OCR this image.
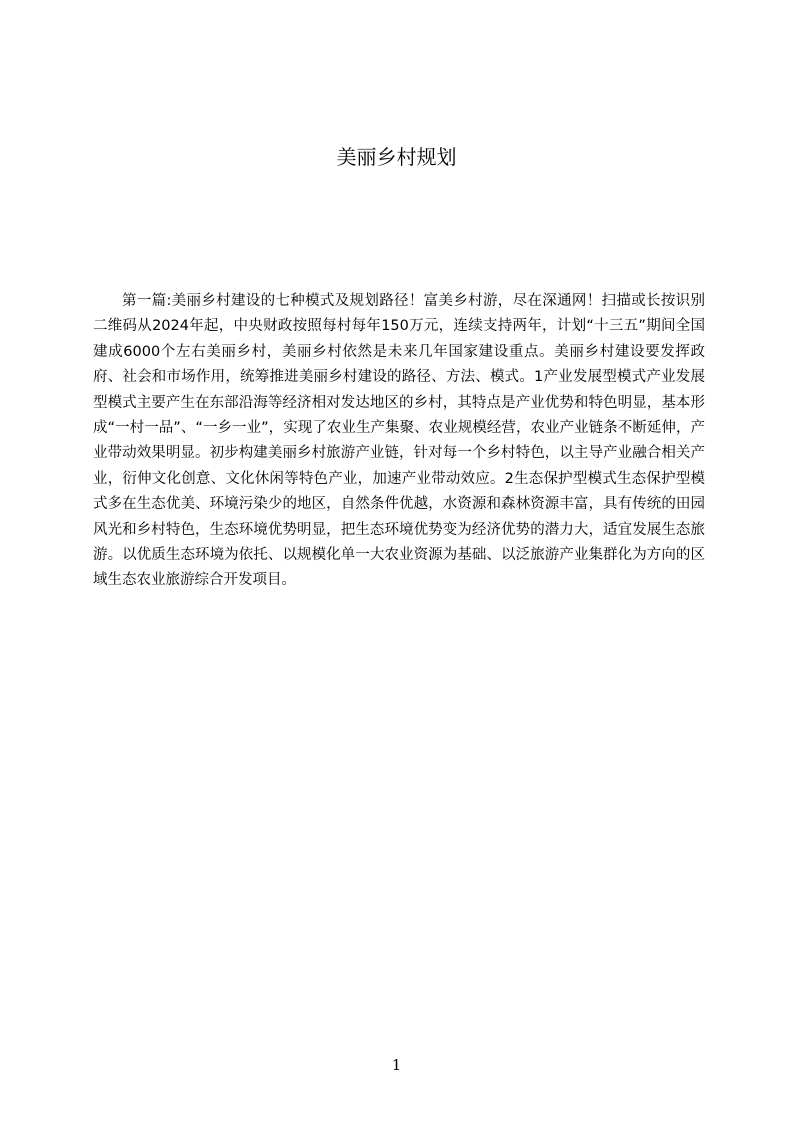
美丽乡村规划

第一篇:美丽乡村建设的七种模式及规划路径！富美乡村游，尽在深通网！扫描或长按识别二维码从2024年起，中央财政按照每村每年150万元，连续支持两年，计划“十三五”期间全国建成6000个左右美丽乡村，美丽乡村依然是未来几年国家建设重点。美丽乡村建设要发挥政府、社会和市场作用，统筹推进美丽乡村建设的路径、方法、模式。1产业发展型模式产业发展型模式主要产生在东部沿海等经济相对发达地区的乡村，其特点是产业优势和特色明显，基本形成“一村一品”、“一乡一业”，实现了农业生产集聚、农业规模经营，农业产业链条不断延伸，产业带动效果明显。初步构建美丽乡村旅游产业链，针对每一个乡村特色，以主导产业融合相关产业，衍伸文化创意、文化休闲等特色产业，加速产业带动效应。2生态保护型模式生态保护型模式多在生态优美、环境污染少的地区，自然条件优越，水资源和森林资源丰富，具有传统的田园风光和乡村特色，生态环境优势明显，把生态环境优势变为经济优势的潜力大，适宜发展生态旅游。以优质生态环境为依托、以规模化单一大农业资源为基础、以泛旅游产业集群化为方向的区域生态农业旅游综合开发项目。

1
